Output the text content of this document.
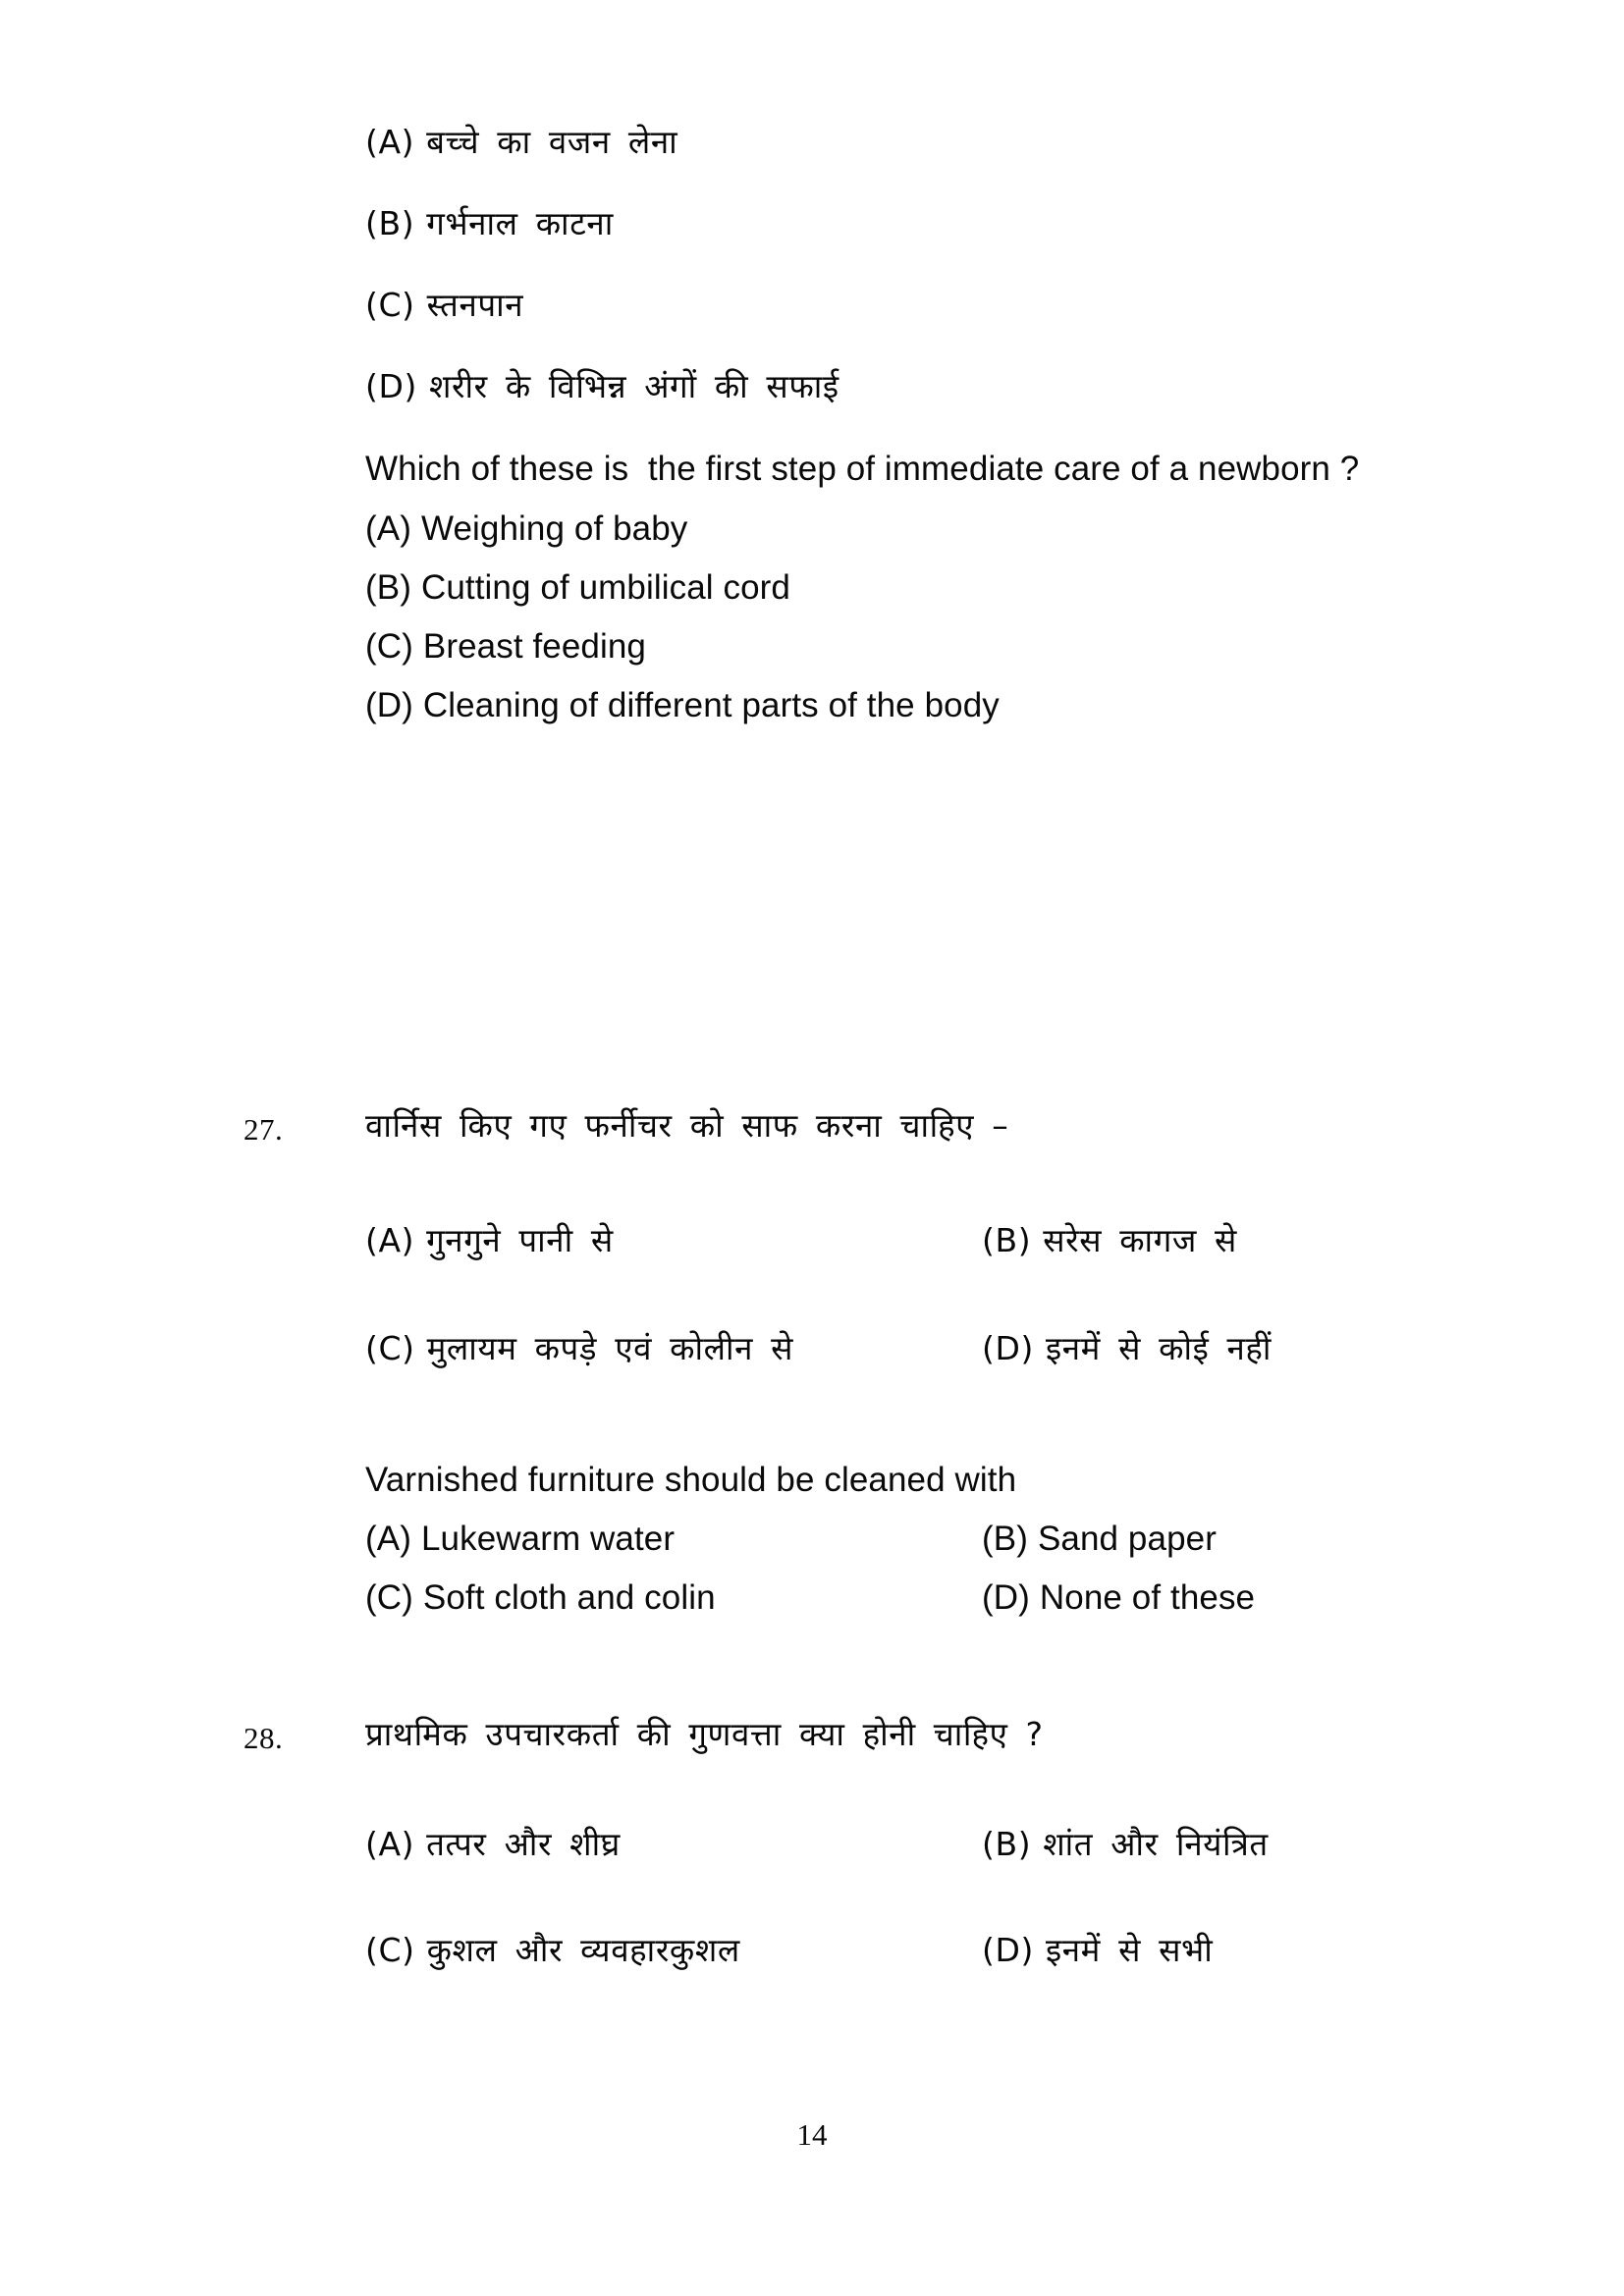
(A) बच्चे का वजन लेना
(B) गर्भनाल काटना
(C) स्तनपान
(D) शरीर के विभिन्न अंगों की सफाई
Which of these is  the first step of immediate care of a newborn ?
(A) Weighing of baby
(B) Cutting of umbilical cord
(C) Breast feeding
(D) Cleaning of different parts of the body
27.	वार्निस किए गए फर्नीचर को साफ करना चाहिए –
(A) गुनगुने पानी से	(B) सरेस कागज से
(C) मुलायम कपड़े एवं कोलीन से	(D) इनमें से कोई नहीं
Varnished furniture should be cleaned with
(A) Lukewarm water	(B) Sand paper
(C) Soft cloth and colin	(D) None of these
28.	प्राथमिक उपचारकर्ता की गुणवत्ता क्या होनी चाहिए ?
(A) तत्पर और शीघ्र	(B) शांत और नियंत्रित
(C) कुशल और व्यवहारकुशल	(D) इनमें से सभी
14
